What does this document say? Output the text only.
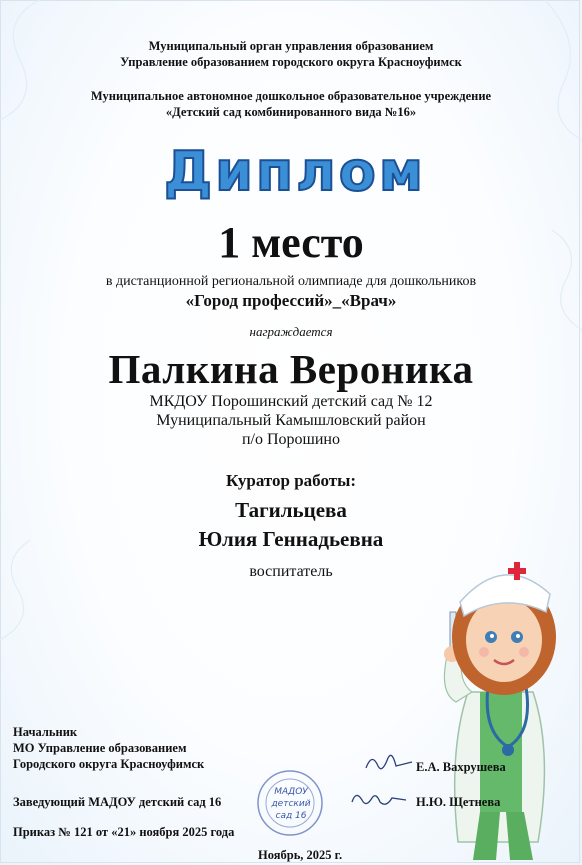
Муниципальный орган управления образованием
Управление образованием городского округа Красноуфимск
Муниципальное автономное дошкольное образовательное учреждение
«Детский сад комбинированного вида №16»
Диплом
1 место
в дистанционной региональной олимпиаде для дошкольников
«Город профессий»_«Врач»
награждается
Палкина Вероника
МКДОУ Порошинский детский сад № 12
Муниципальный Камышловский район
п/о Порошино
Куратор работы:
Тагильцева
Юлия Геннадьевна
воспитатель
Начальник
МО Управление образованием
Городского округа Красноуфимск	Е.А. Вахрушева
Заведующий МАДОУ детский сад 16
МАДОУ
детский
сад 16
Н.Ю. Щетнева
Приказ № 121 от «21» ноября 2025 года
Ноябрь, 2025 г.
